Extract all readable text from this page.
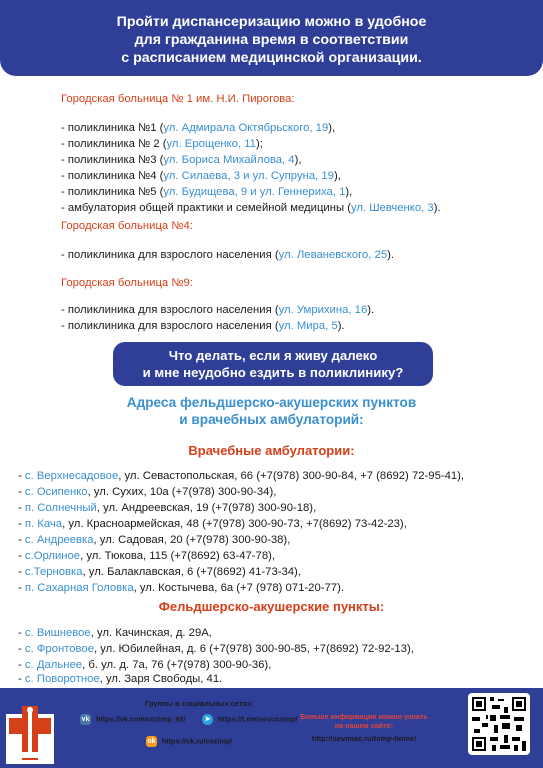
Пройти диспансеризацию можно в удобное
для гражданина время в соответствии
с расписанием медицинской организации.
Городская больница № 1 им. Н.И. Пирогова:
- поликлиника №1 (ул. Адмирала Октябрьского, 19),
- поликлиника № 2 (ул. Ерощенко, 11);
- поликлиника №3 (ул. Бориса Михайлова, 4),
- поликлиника №4 (ул. Силаева, 3 и ул. Супруна, 19),
- поликлиника №5 (ул. Будищева, 9 и ул. Геннериха, 1),
- амбулатория общей практики и семейной медицины (ул. Шевченко, 3).
Городская больница №4:
- поликлиника для взрослого населения (ул. Леваневского, 25).
Городская больница №9:
- поликлиника для взрослого населения (ул. Умрихина, 16).
- поликлиника для взрослого населения (ул. Мира, 5).
Что делать, если я живу далеко
и мне неудобно ездить в поликлинику?
Адреса фельдшерско-акушерских пунктов
и врачебных амбулаторий:
Врачебные амбулатории:
- с. Верхнесадовое, ул. Севастопольская, 66 (+7(978) 300-90-84, +7 (8692) 72-95-41),
- с. Осипенко, ул. Сухих, 10а (+7(978) 300-90-34),
- п. Солнечный, ул. Андреевская, 19 (+7(978) 300-90-18),
- п. Кача, ул. Красноармейская, 48 (+7(978) 300-90-73, +7(8692) 73-42-23),
- с. Андреевка, ул. Садовая, 20 (+7(978) 300-90-38),
- с.Орлиное, ул. Тюкова, 115 (+7(8692) 63-47-78),
- с.Терновка, ул. Балаклавская, 6 (+7(8692) 41-73-34),
- п. Сахарная Головка, ул. Костычева, 6а (+7 (978) 071-20-77).
Фельдшерско-акушерские пункты:
- с. Вишневое, ул. Качинская, д. 29А,
- с. Фронтовое, ул. Юбилейная, д. 6 (+7(978) 300-90-85, +7(8692) 72-92-13),
- с. Дальнее, б. ул. д. 7а, 76 (+7(978) 300-90-36),
- с. Поворотное, ул. Заря Свободы, 41.
Группы в социальных сетях:
vk https://vk.com/cozimp_92/	➤ https://t.me/sevcozimp/
ok https://ok.ru/cozimp/
Больше информации можно узнать на нашем сайте:
http://sevmiac.ru/tsmp-home/
